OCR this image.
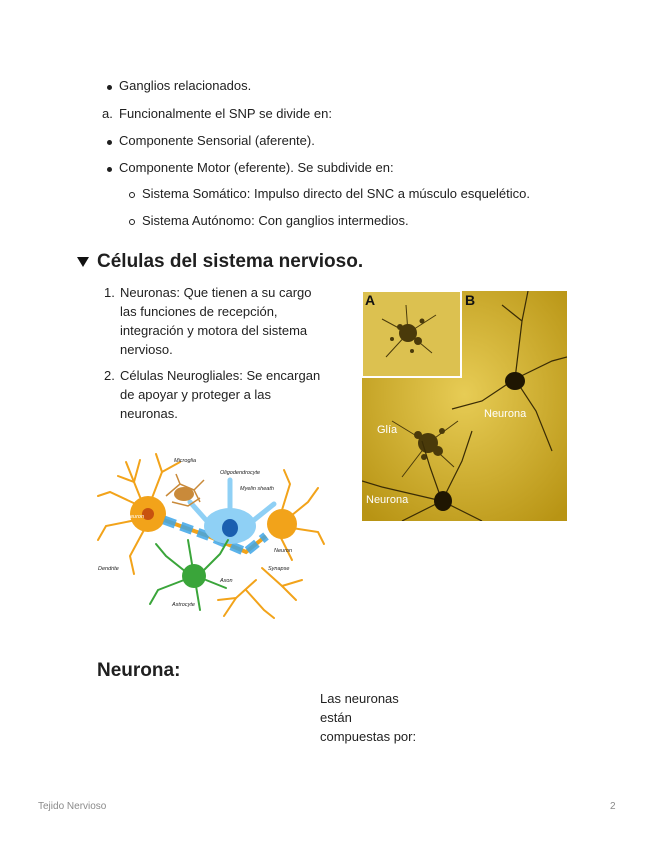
Ganglios relacionados.
a. Funcionalmente el SNP se divide en:
Componente Sensorial (aferente).
Componente Motor (eferente). Se subdivide en:
Sistema Somático: Impulso directo del SNC a músculo esquelético.
Sistema Autónomo: Con ganglios intermedios.
Células del sistema nervioso.
1. Neuronas: Que tienen a su cargo las funciones de recepción, integración y motora del sistema nervioso.
2. Células Neurogliales: Se encargan de apoyar y proteger a las neuronas.
Microglia
Oligodendrocyte
Myelin sheath
Neuron
Neuron
Dendrite
Axon
Synapse
Astrocyte
A	B
Neurona
Glía
Neurona
Neurona:
Las neuronas
están
compuestas por:
Tejido Nervioso	2
